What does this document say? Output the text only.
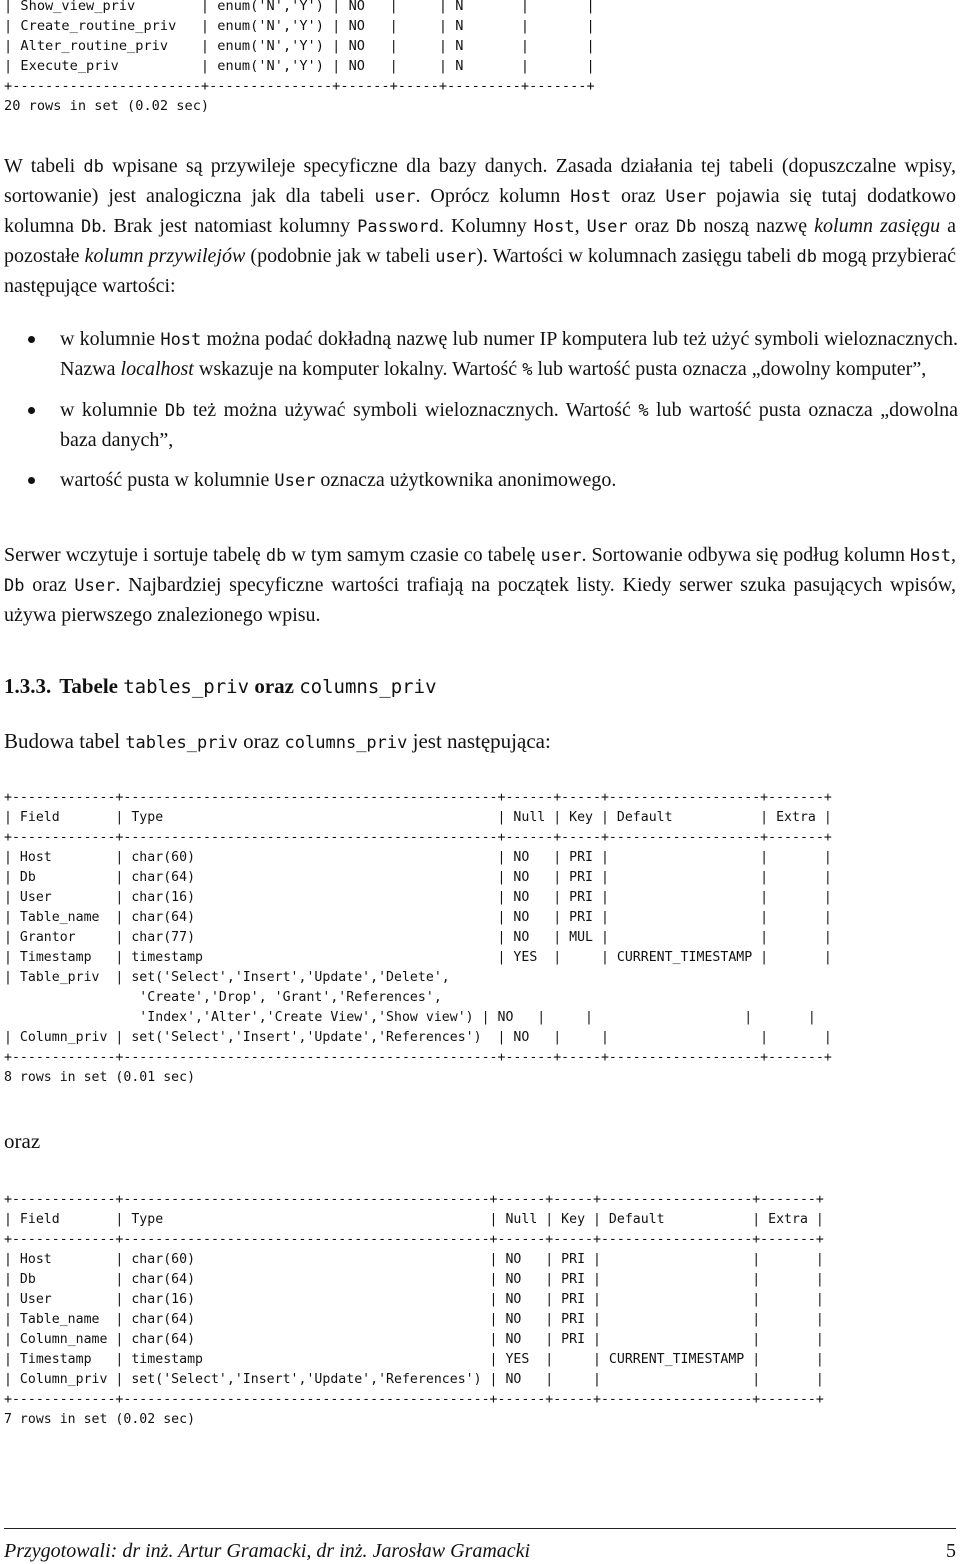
| Show_view_priv        | enum('N','Y') | NO   |     | N       |       |
| Create_routine_priv   | enum('N','Y') | NO   |     | N       |       |
| Alter_routine_priv    | enum('N','Y') | NO   |     | N       |       |
| Execute_priv          | enum('N','Y') | NO   |     | N       |       |
+-----------------------+---------------+------+-----+---------+-------+
20 rows in set (0.02 sec)

W tabeli db wpisane są przywileje specyficzne dla bazy danych. Zasada działania tej tabeli (dopuszczalne wpisy, sortowanie) jest analogiczna jak dla tabeli user. Oprócz kolumn Host oraz User pojawia się tutaj dodatkowo kolumna Db. Brak jest natomiast kolumny Password. Kolumny Host, User oraz Db noszą nazwę kolumn zasięgu a pozostałe kolumn przywilejów (podobnie jak w tabeli user). Wartości w kolumnach zasięgu tabeli db mogą przybierać następujące wartości:

w kolumnie Host można podać dokładną nazwę lub numer IP komputera lub też użyć symboli wieloznacznych. Nazwa localhost wskazuje na komputer lokalny. Wartość % lub wartość pusta oznacza „dowolny komputer”,
w kolumnie Db też można używać symboli wieloznacznych. Wartość % lub wartość pusta oznacza „dowolna baza danych”,
wartość pusta w kolumnie User oznacza użytkownika anonimowego.

Serwer wczytuje i sortuje tabelę db w tym samym czasie co tabelę user. Sortowanie odbywa się podług kolumn Host, Db oraz User. Najbardziej specyficzne wartości trafiają na początek listy. Kiedy serwer szuka pasujących wpisów, używa pierwszego znalezionego wpisu.

1.3.3. Tabele tables_priv oraz columns_priv

Budowa tabel tables_priv oraz columns_priv jest następująca:

+-------------+-----------------------------------------------+------+-----+-------------------+-------+
| Field       | Type                                          | Null | Key | Default           | Extra |
+-------------+-----------------------------------------------+------+-----+-------------------+-------+
| Host        | char(60)                                      | NO   | PRI |                   |       |
| Db          | char(64)                                      | NO   | PRI |                   |       |
| User        | char(16)                                      | NO   | PRI |                   |       |
| Table_name  | char(64)                                      | NO   | PRI |                   |       |
| Grantor     | char(77)                                      | NO   | MUL |                   |       |
| Timestamp   | timestamp                                     | YES  |     | CURRENT_TIMESTAMP |       |
| Table_priv  | set('Select','Insert','Update','Delete',
'Create','Drop', 'Grant','References',
'Index','Alter','Create View','Show view') | NO   |     |                   |       |
| Column_priv | set('Select','Insert','Update','References')  | NO   |     |                   |       |
+-------------+-----------------------------------------------+------+-----+-------------------+-------+
8 rows in set (0.01 sec)

oraz

+-------------+----------------------------------------------+------+-----+-------------------+-------+
| Field       | Type                                         | Null | Key | Default           | Extra |
+-------------+----------------------------------------------+------+-----+-------------------+-------+
| Host        | char(60)                                     | NO   | PRI |                   |       |
| Db          | char(64)                                     | NO   | PRI |                   |       |
| User        | char(16)                                     | NO   | PRI |                   |       |
| Table_name  | char(64)                                     | NO   | PRI |                   |       |
| Column_name | char(64)                                     | NO   | PRI |                   |       |
| Timestamp   | timestamp                                    | YES  |     | CURRENT_TIMESTAMP |       |
| Column_priv | set('Select','Insert','Update','References') | NO   |     |                   |       |
+-------------+----------------------------------------------+------+-----+-------------------+-------+
7 rows in set (0.02 sec)

Przygotowali: dr inż. Artur Gramacki, dr inż. Jarosław Gramacki	5
